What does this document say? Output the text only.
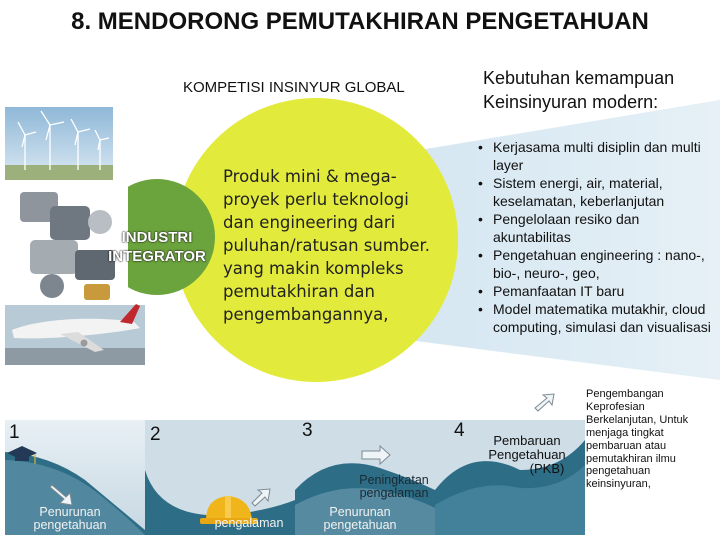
8. MENDORONG PEMUTAKHIRAN PENGETAHUAN
KOMPETISI INSINYUR GLOBAL	Kebutuhan kemampuan
Keinsinyuran modern:
INDUSTRI
INTEGRATOR
Produk mini & mega-
proyek perlu teknologi
dan engineering dari
puluhan/ratusan sumber.
yang makin kompleks
pemutakhiran dan
pengembangannya,
• Kerjasama multi disiplin dan multi layer
• Sistem energi, air, material, keselamatan, keberlanjutan
• Pengelolaan resiko dan akuntabilitas
• Pengetahuan engineering : nano-, bio-, neuro-, geo,
• Pemanfaatan IT baru
• Model matematika mutakhir, cloud computing, simulasi dan visualisasi
1	2	3	4
Penurunan
pengetahuan	pengalaman
Penurunan
pengetahuan
Peningkatan
pengalaman
Pembaruan
Pengetahuan
(PKB)
Pengembangan
Keprofesian
Berkelanjutan, Untuk
menjaga tingkat
pembaruan atau
pemutakhiran ilmu
pengetahuan
keinsinyuran,
